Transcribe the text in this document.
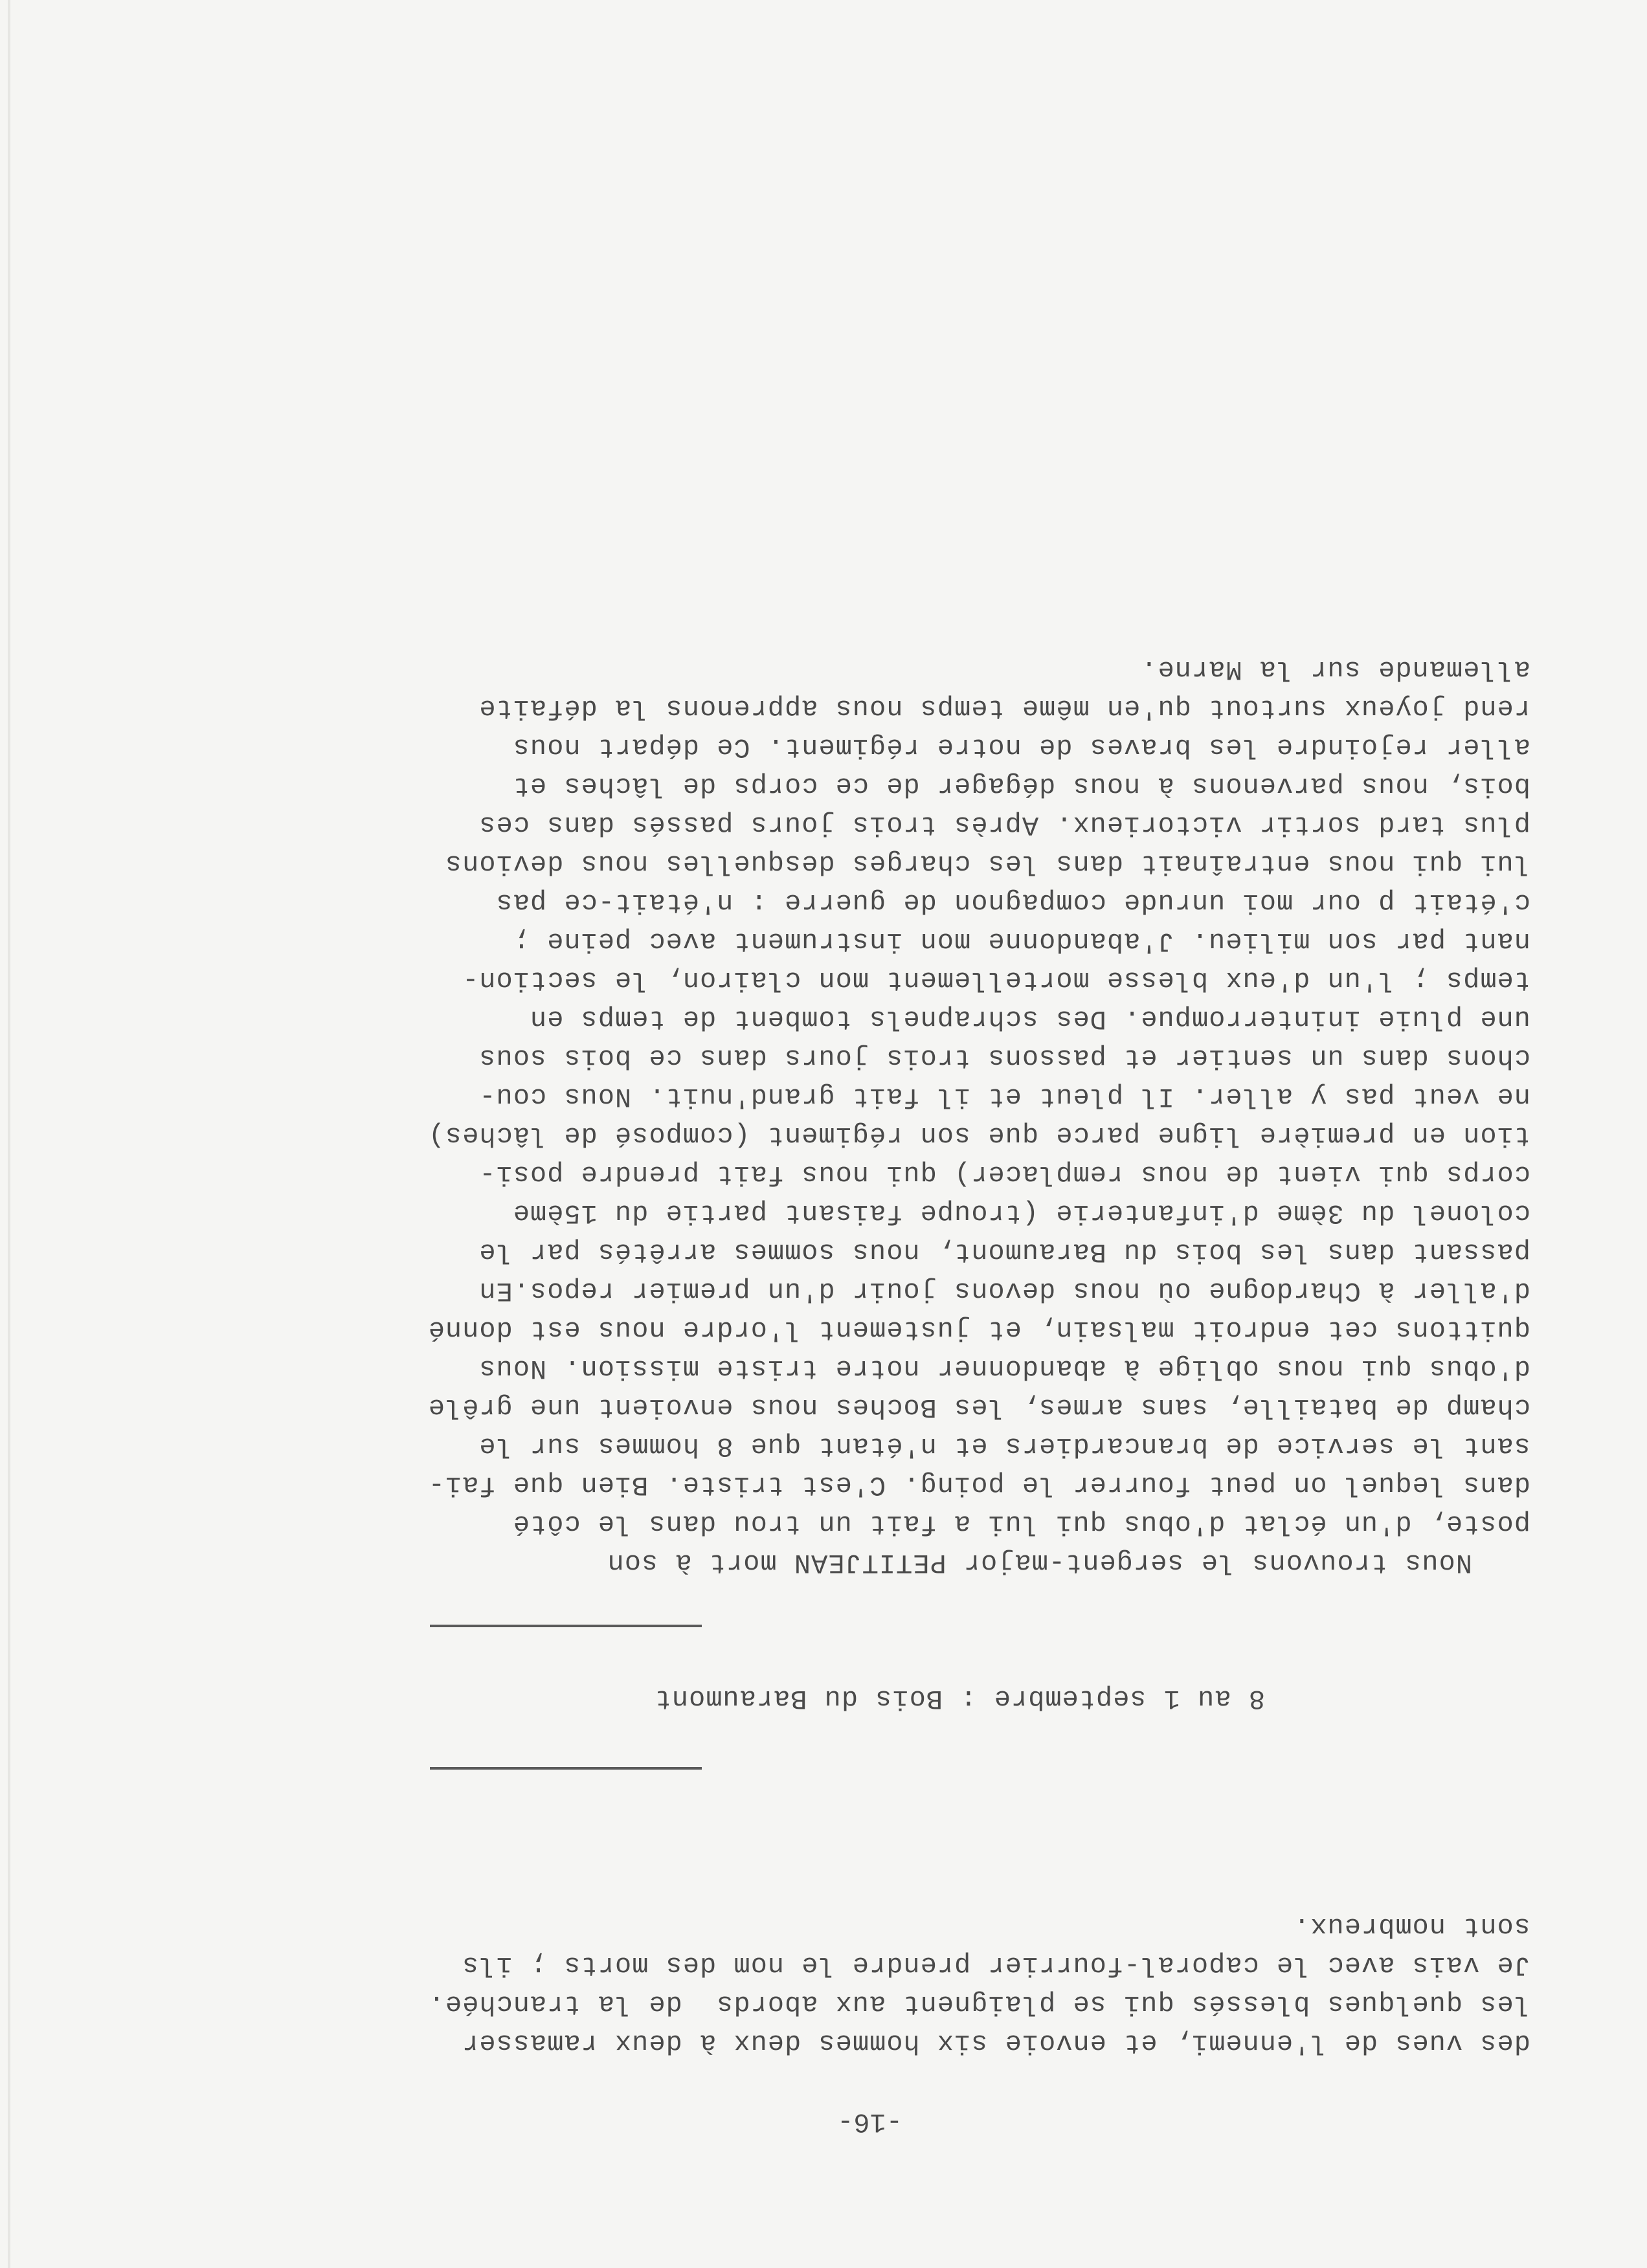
-16-
des vues de l'ennemi, et envoie six hommes deux à deux ramasser
les quelques blessés qui se plaignent aux abords  de la tranchée.
Je vais avec le caporal-fourrier prendre le nom des morts ; ils
sont nombreux.
8 au 1 septembre : Bois du Baraumont
Nous trouvons le sergent-major PETITJEAN mort à son
poste, d'un éclat d'obus qui lui a fait un trou dans le côté
dans lequel on peut fourrer le poing. C'est triste. Bien que fai-
sant le service de brancardiers et n'étant que 8 hommes sur le
champ de bataille, sans armes, les Boches nous envoient une grêle
d'obus qui nous oblige à abandonner notre triste mission. Nous
quittons cet endroit malsain, et justement l'ordre nous est donné
d'aller à Chardogne où nous devons jouir d'un premier repos.En
passant dans les bois du Baraumont, nous sommes arrêtés par le
colonel du 3ème d'infanterie (troupe faisant partie du 15ème
corps qui vient de nous remplacer) qui nous fait prendre posi-
tion en première ligne parce que son régiment (composé de lâches)
ne veut pas y aller. Il pleut et il fait grand'nuit. Nous cou-
chons dans un sentier et passons trois jours dans ce bois sous
une pluie ininterrompue. Des schrapnels tombent de temps en
temps ; l'un d'eux blesse mortellement mon clairon, le section-
nant par son milieu. J'abandonne mon instrument avec peine ;
c'était p our moi unrude compagnon de guerre : n'était-ce pas
lui qui nous entraînait dans les charges desquelles nous devions
plus tard sortir victorieux. Après trois jours passés dans ces
bois, nous parvenons à nous dégager de ce corps de lâches et
aller rejoindre les braves de notre régiment. Ce départ nous
rend joyeux surtout qu'en même temps nous apprenons la défaite
allemande sur la Marne.
